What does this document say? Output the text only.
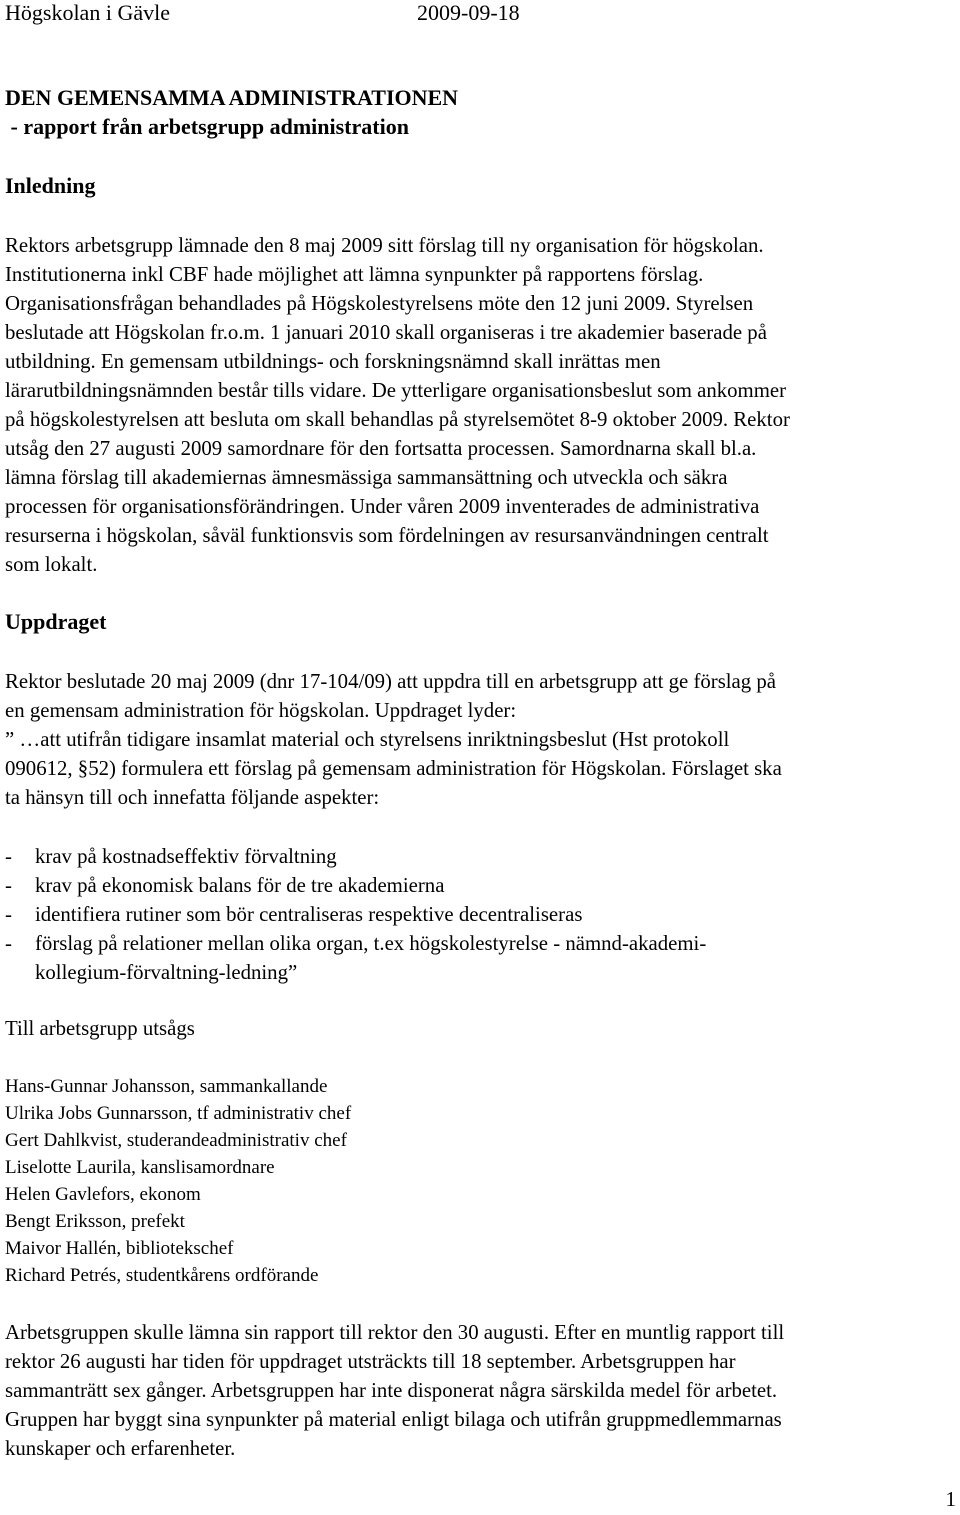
Högskolan i Gävle	2009-09-18
DEN GEMENSAMMA ADMINISTRATIONEN
- rapport från arbetsgrupp administration
Inledning

Rektors arbetsgrupp lämnade den 8 maj 2009 sitt förslag till ny organisation för högskolan.

Institutionerna inkl CBF hade möjlighet att lämna synpunkter på rapportens förslag.

Organisationsfrågan behandlades på Högskolestyrelsens möte den 12 juni 2009. Styrelsen

beslutade att Högskolan fr.o.m. 1 januari 2010 skall organiseras i tre akademier baserade på

utbildning. En gemensam utbildnings- och forskningsnämnd skall inrättas men

lärarutbildningsnämnden består tills vidare. De ytterligare organisationsbeslut som ankommer

på högskolestyrelsen att besluta om skall behandlas på styrelsemötet 8-9 oktober 2009. Rektor

utsåg den 27 augusti 2009 samordnare för den fortsatta processen. Samordnarna skall bl.a.

lämna förslag till akademiernas ämnesmässiga sammansättning och utveckla och säkra

processen för organisationsförändringen. Under våren 2009 inventerades de administrativa

resurserna i högskolan, såväl funktionsvis som fördelningen av resursanvändningen centralt

som lokalt.

Uppdraget

Rektor beslutade 20 maj 2009 (dnr 17-104/09) att uppdra till en arbetsgrupp att ge förslag på

en gemensam administration för högskolan. Uppdraget lyder:

” …att utifrån tidigare insamlat material och styrelsens inriktningsbeslut (Hst protokoll

090612, §52) formulera ett förslag på gemensam administration för Högskolan. Förslaget ska

ta hänsyn till och innefatta följande aspekter:

- krav på kostnadseffektiv förvaltning
- krav på ekonomisk balans för de tre akademierna
- identifiera rutiner som bör centraliseras respektive decentraliseras
- förslag på relationer mellan olika organ, t.ex högskolestyrelse - nämnd-akademi-
kollegium-förvaltning-ledning”
Till arbetsgrupp utsågs
Hans-Gunnar Johansson, sammankallande
Ulrika Jobs Gunnarsson, tf administrativ chef
Gert Dahlkvist, studerandeadministrativ chef
Liselotte Laurila, kanslisamordnare
Helen Gavlefors, ekonom
Bengt Eriksson, prefekt
Maivor Hallén, bibliotekschef
Richard Petrés, studentkårens ordförande

Arbetsgruppen skulle lämna sin rapport till rektor den 30 augusti. Efter en muntlig rapport till

rektor 26 augusti har tiden för uppdraget utsträckts till 18 september. Arbetsgruppen har

sammanträtt sex gånger. Arbetsgruppen har inte disponerat några särskilda medel för arbetet.

Gruppen har byggt sina synpunkter på material enligt bilaga och utifrån gruppmedlemmarnas

kunskaper och erfarenheter.

1
